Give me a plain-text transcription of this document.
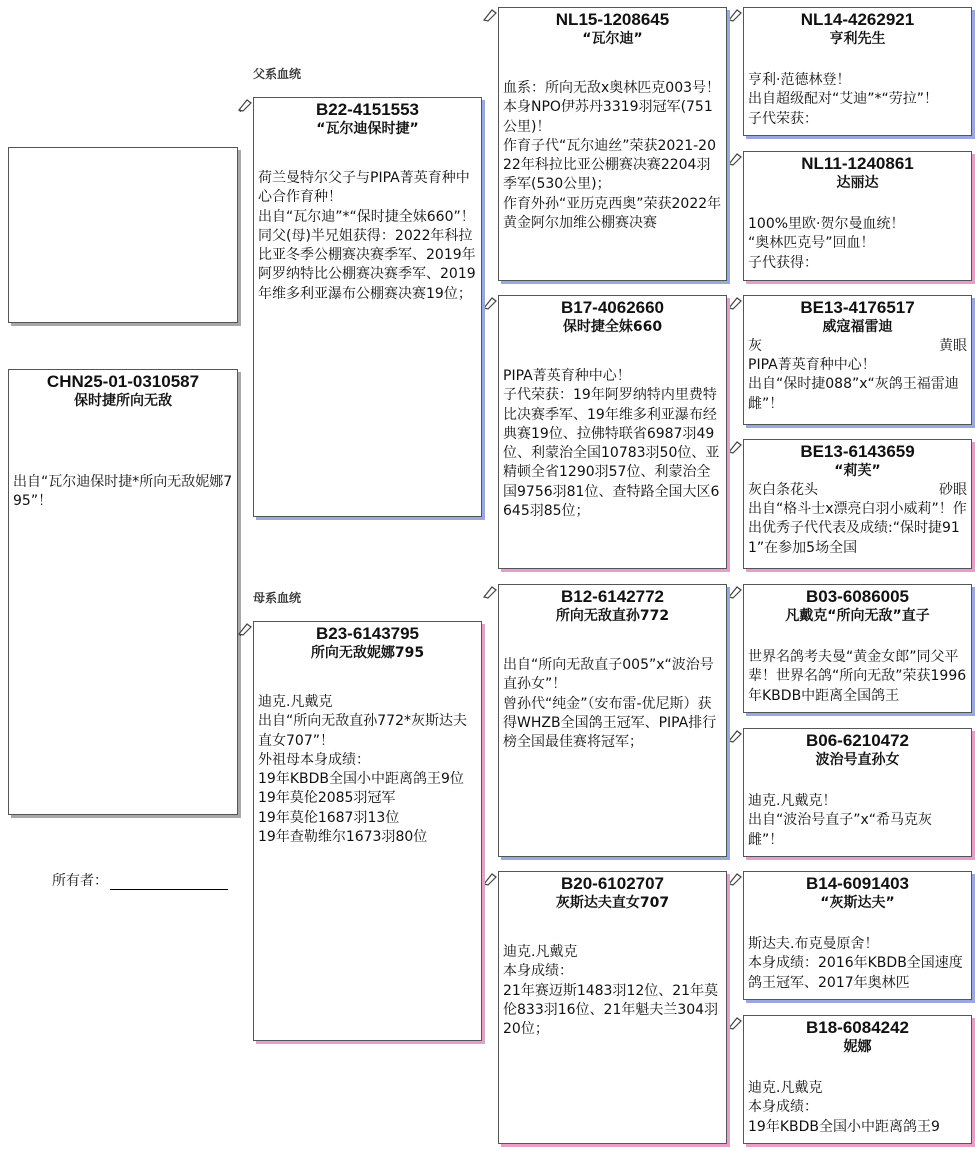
CHN25-01-0310587
保时捷所向无敌

出自“瓦尔迪保时捷*所向无敌妮娜795”！

所有者：
父系血统
母系血统
B22-4151553
“瓦尔迪保时捷”

荷兰曼特尔父子与PIPA菁英育种中心合作育种！

出自“瓦尔迪”*“保时捷全妹660”！

同父(母)半兄姐获得：2022年科拉比亚冬季公棚赛决赛季军、2019年阿罗纳特比公棚赛决赛季军、2019年维多利亚瀑布公棚赛决赛19位；

B23-6143795
所向无敌妮娜795

迪克.凡戴克

出自“所向无敌直孙772*灰斯达夫直女707”！

外祖母本身成绩：

19年KBDB全国小中距离鸽王9位

19年莫伦2085羽冠军

19年莫伦1687羽13位

19年查勒维尔1673羽80位

NL15-1208645
“瓦尔迪”

血系：所向无敌x奥林匹克003号！

本身NPO伊苏丹3319羽冠军(751公里)！

作育子代“瓦尔迪丝”荣获2021-2022年科拉比亚公棚赛决赛2204羽季军(530公里)；

作育外孙“亚历克西奥”荣获2022年黄金阿尔加维公棚赛决赛

B17-4062660
保时捷全妹660

PIPA菁英育种中心！

子代荣获：19年阿罗纳特内里费特比决赛季军、19年维多利亚瀑布经典赛19位、拉佛特联省6987羽49位、利蒙治全国10783羽50位、亚精顿全省1290羽57位、利蒙治全国9756羽81位、查特路全国大区6645羽85位；

B12-6142772
所向无敌直孙772

出自“所向无敌直子005”x“波治号直孙女”！

曾孙代“纯金”（安布雷-优尼斯）获得WHZB全国鸽王冠军、PIPA排行榜全国最佳赛将冠军；

B20-6102707
灰斯达夫直女707

迪克.凡戴克

本身成绩：

21年赛迈斯1483羽12位、21年莫伦833羽16位、21年魁夫兰304羽20位；

NL14-4262921
亨利先生

亨利·范德林登！

出自超级配对“艾迪”*“劳拉”！

子代荣获：

NL11-1240861
达丽达

100%里欧·贺尔曼血统！

“奥林匹克号”回血！

子代获得：

BE13-4176517
威寇福雷迪
灰	黄眼

PIPA菁英育种中心！

出自“保时捷088”x“灰鸽王福雷迪雌”！

BE13-6143659
“莉芙”
灰白条花头	砂眼

出自“格斗士x漂亮白羽小威莉”！作出优秀子代代表及成绩:“保时捷911”在参加5场全国

B03-6086005
凡戴克“所向无敌”直子

世界名鸽考夫曼“黄金女郎”同父平辈！世界名鸽“所向无敌”荣获1996年KBDB中距离全国鸽王

B06-6210472
波治号直孙女

迪克.凡戴克！

出自“波治号直子”x“希马克灰雌”！

B14-6091403
“灰斯达夫”

斯达夫.布克曼原舍！

本身成绩：2016年KBDB全国速度鸽王冠军、2017年奥林匹

B18-6084242
妮娜

迪克.凡戴克

本身成绩：

19年KBDB全国小中距离鸽王9
